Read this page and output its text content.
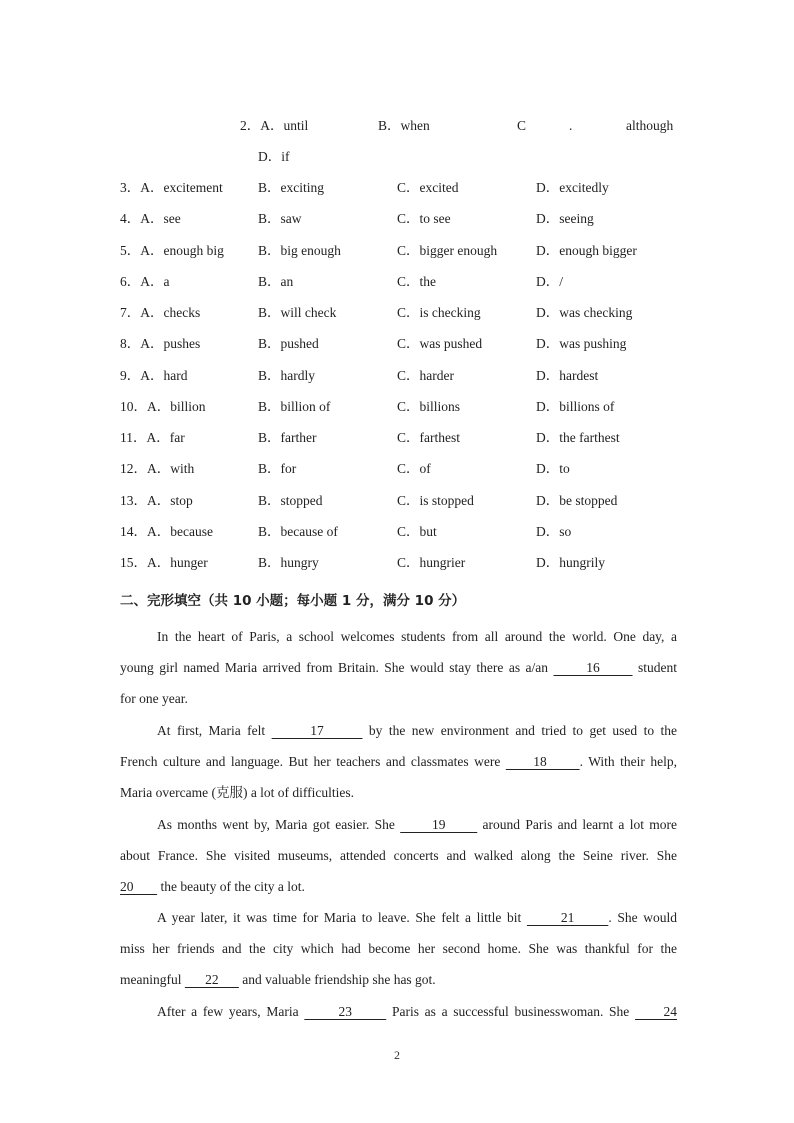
2．A．until	B．when	C	.	although
D．if
3．A．excitement	B．exciting	C．excited	D．excitedly
4．A．see	B．saw	C．to see	D．seeing
5．A．enough big	B．big enough	C．bigger enough	D．enough bigger
6．A．a	B．an	C．the	D．/
7．A．checks	B．will check	C．is checking	D．was checking
8．A．pushes	B．pushed	C．was pushed	D．was pushing
9．A．hard	B．hardly	C．harder	D．hardest
10．A．billion	B．billion of	C．billions	D．billions of
11．A．far	B．farther	C．farthest	D．the farthest
12．A．with	B．for	C．of	D．to
13．A．stop	B．stopped	C．is stopped	D．be stopped
14．A．because	B．because of	C．but	D．so
15．A．hunger	B．hungry	C．hungrier	D．hungrily
二、完形填空（共 10 小题；每小题 1 分，满分 10 分）
In the heart of Paris, a school welcomes students from all around the world. One day, a
young girl named Maria arrived from Britain. She would stay there as a/an       16       student
for one year.
At first, Maria felt       17       by the new environment and tried to get used to the
French culture and language. But her teachers and classmates were      18      . With their help,
Maria overcame (克服) a lot of difficulties.
As months went by, Maria got easier. She       19       around Paris and learnt a lot more
about France. She visited museums, attended concerts and walked along the Seine river. She
20        the beauty of the city a lot.
A year later, it was time for Maria to leave. She felt a little bit       21      . She would
miss her friends and the city which had become her second home. She was thankful for the
meaningful       22       and valuable friendship she has got.
After a few years, Maria       23       Paris as a successful businesswoman. She      24
2
